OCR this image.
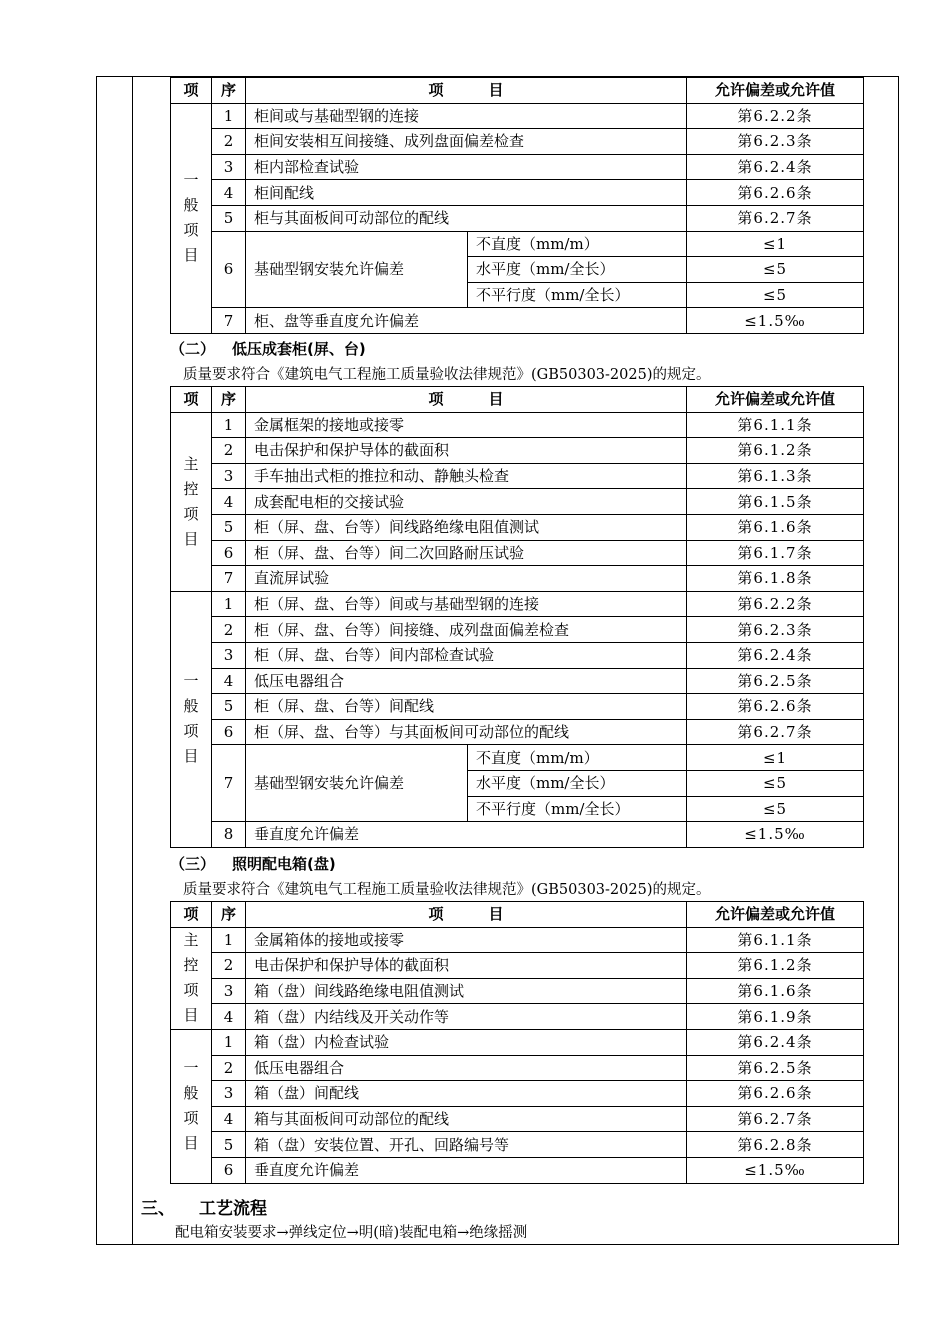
项	序	项　　　目		允许偏差或允许值
一般项目	1	柜间或与基础型钢的连接		第6.2.2条
	2	柜间安装相互间接缝、成列盘面偏差检查		第6.2.3条
	3	柜内部检查试验		第6.2.4条
	4	柜间配线		第6.2.6条
	5	柜与其面板间可动部位的配线		第6.2.7条
	6	基础型钢安装允许偏差	不直度（mm/m）	≤1
			水平度（mm/全长）	≤5
			不平行度（mm/全长）	≤5
	7	柜、盘等垂直度允许偏差		≤1.5‰
（二） 低压成套柜(屏、台)
质量要求符合《建筑电气工程施工质量验收法律规范》(GB50303-2025)的规定。
项	序	项　　　目		允许偏差或允许值
主控项目	1	金属框架的接地或接零		第6.1.1条
	2	电击保护和保护导体的截面积		第6.1.2条
	3	手车抽出式柜的推拉和动、静触头检查		第6.1.3条
	4	成套配电柜的交接试验		第6.1.5条
	5	柜（屏、盘、台等）间线路绝缘电阻值测试		第6.1.6条
	6	柜（屏、盘、台等）间二次回路耐压试验		第6.1.7条
	7	直流屏试验		第6.1.8条
一般项目	1	柜（屏、盘、台等）间或与基础型钢的连接		第6.2.2条
	2	柜（屏、盘、台等）间接缝、成列盘面偏差检查		第6.2.3条
	3	柜（屏、盘、台等）间内部检查试验		第6.2.4条
	4	低压电器组合		第6.2.5条
	5	柜（屏、盘、台等）间配线		第6.2.6条
	6	柜（屏、盘、台等）与其面板间可动部位的配线		第6.2.7条
	7	基础型钢安装允许偏差	不直度（mm/m）	≤1
			水平度（mm/全长）	≤5
			不平行度（mm/全长）	≤5
	8	垂直度允许偏差		≤1.5‰
（三） 照明配电箱(盘)
质量要求符合《建筑电气工程施工质量验收法律规范》(GB50303-2025)的规定。
项	序	项　　　目	允许偏差或允许值
主控项目	1	金属箱体的接地或接零	第6.1.1条
	2	电击保护和保护导体的截面积	第6.1.2条
	3	箱（盘）间线路绝缘电阻值测试	第6.1.6条
	4	箱（盘）内结线及开关动作等	第6.1.9条
一般项目	1	箱（盘）内检查试验	第6.2.4条
	2	低压电器组合	第6.2.5条
	3	箱（盘）间配线	第6.2.6条
	4	箱与其面板间可动部位的配线	第6.2.7条
	5	箱（盘）安装位置、开孔、回路编号等	第6.2.8条
	6	垂直度允许偏差	≤1.5‰
三、 工艺流程
配电箱安装要求→弹线定位→明(暗)装配电箱→绝缘摇测
